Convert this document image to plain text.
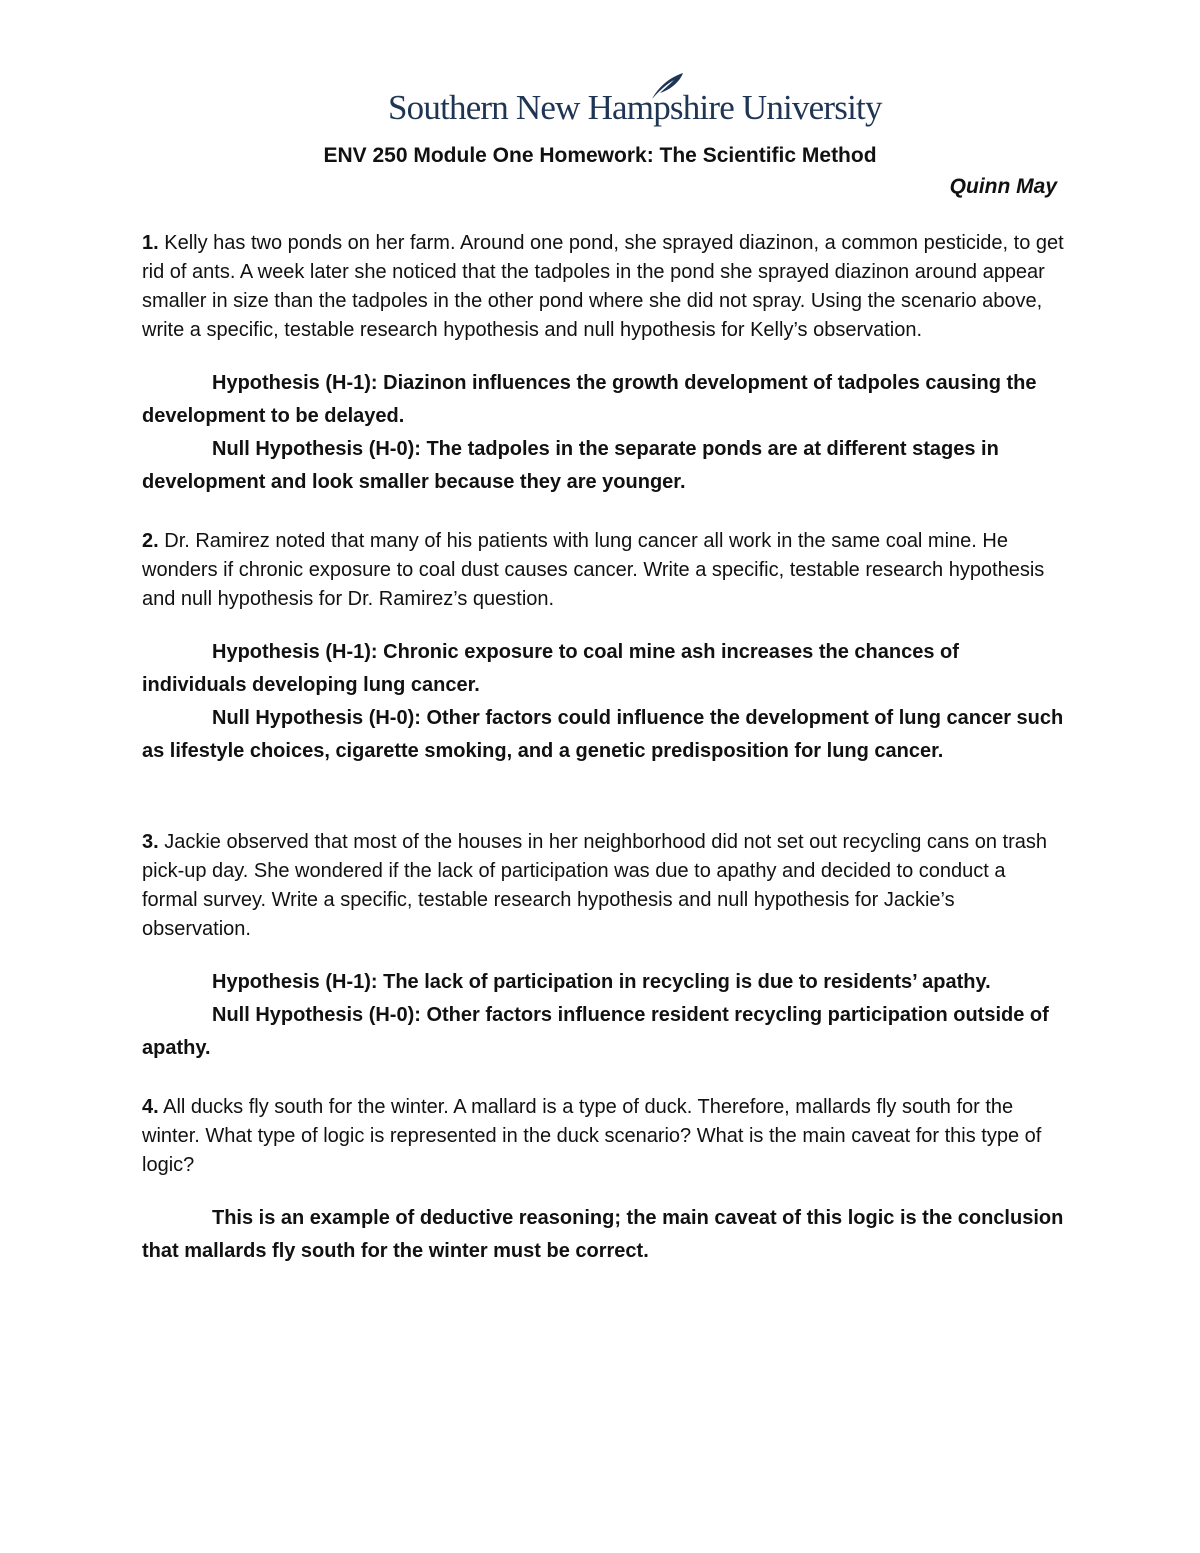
Southern New Hampshire University
ENV 250 Module One Homework: The Scientific Method
Quinn May

1. Kelly has two ponds on her farm. Around one pond, she sprayed diazinon, a common pesticide, to get rid of ants. A week later she noticed that the tadpoles in the pond she sprayed diazinon around appear smaller in size than the tadpoles in the other pond where she did not spray. Using the scenario above, write a specific, testable research hypothesis and null hypothesis for Kelly’s observation.

Hypothesis (H-1): Diazinon influences the growth development of tadpoles causing the development to be delayed.

Null Hypothesis (H-0): The tadpoles in the separate ponds are at different stages in development and look smaller because they are younger.

2. Dr. Ramirez noted that many of his patients with lung cancer all work in the same coal mine. He wonders if chronic exposure to coal dust causes cancer. Write a specific, testable research hypothesis and null hypothesis for Dr. Ramirez’s question.

Hypothesis (H-1): Chronic exposure to coal mine ash increases the chances of individuals developing lung cancer.

Null Hypothesis (H-0): Other factors could influence the development of lung cancer such as lifestyle choices, cigarette smoking, and a genetic predisposition for lung cancer.

3. Jackie observed that most of the houses in her neighborhood did not set out recycling cans on trash pick-up day. She wondered if the lack of participation was due to apathy and decided to conduct a formal survey. Write a specific, testable research hypothesis and null hypothesis for Jackie’s observation.

Hypothesis (H-1): The lack of participation in recycling is due to residents’ apathy.

Null Hypothesis (H-0): Other factors influence resident recycling participation outside of apathy.

4. All ducks fly south for the winter. A mallard is a type of duck. Therefore, mallards fly south for the winter. What type of logic is represented in the duck scenario? What is the main caveat for this type of logic?

This is an example of deductive reasoning; the main caveat of this logic is the conclusion that mallards fly south for the winter must be correct.
